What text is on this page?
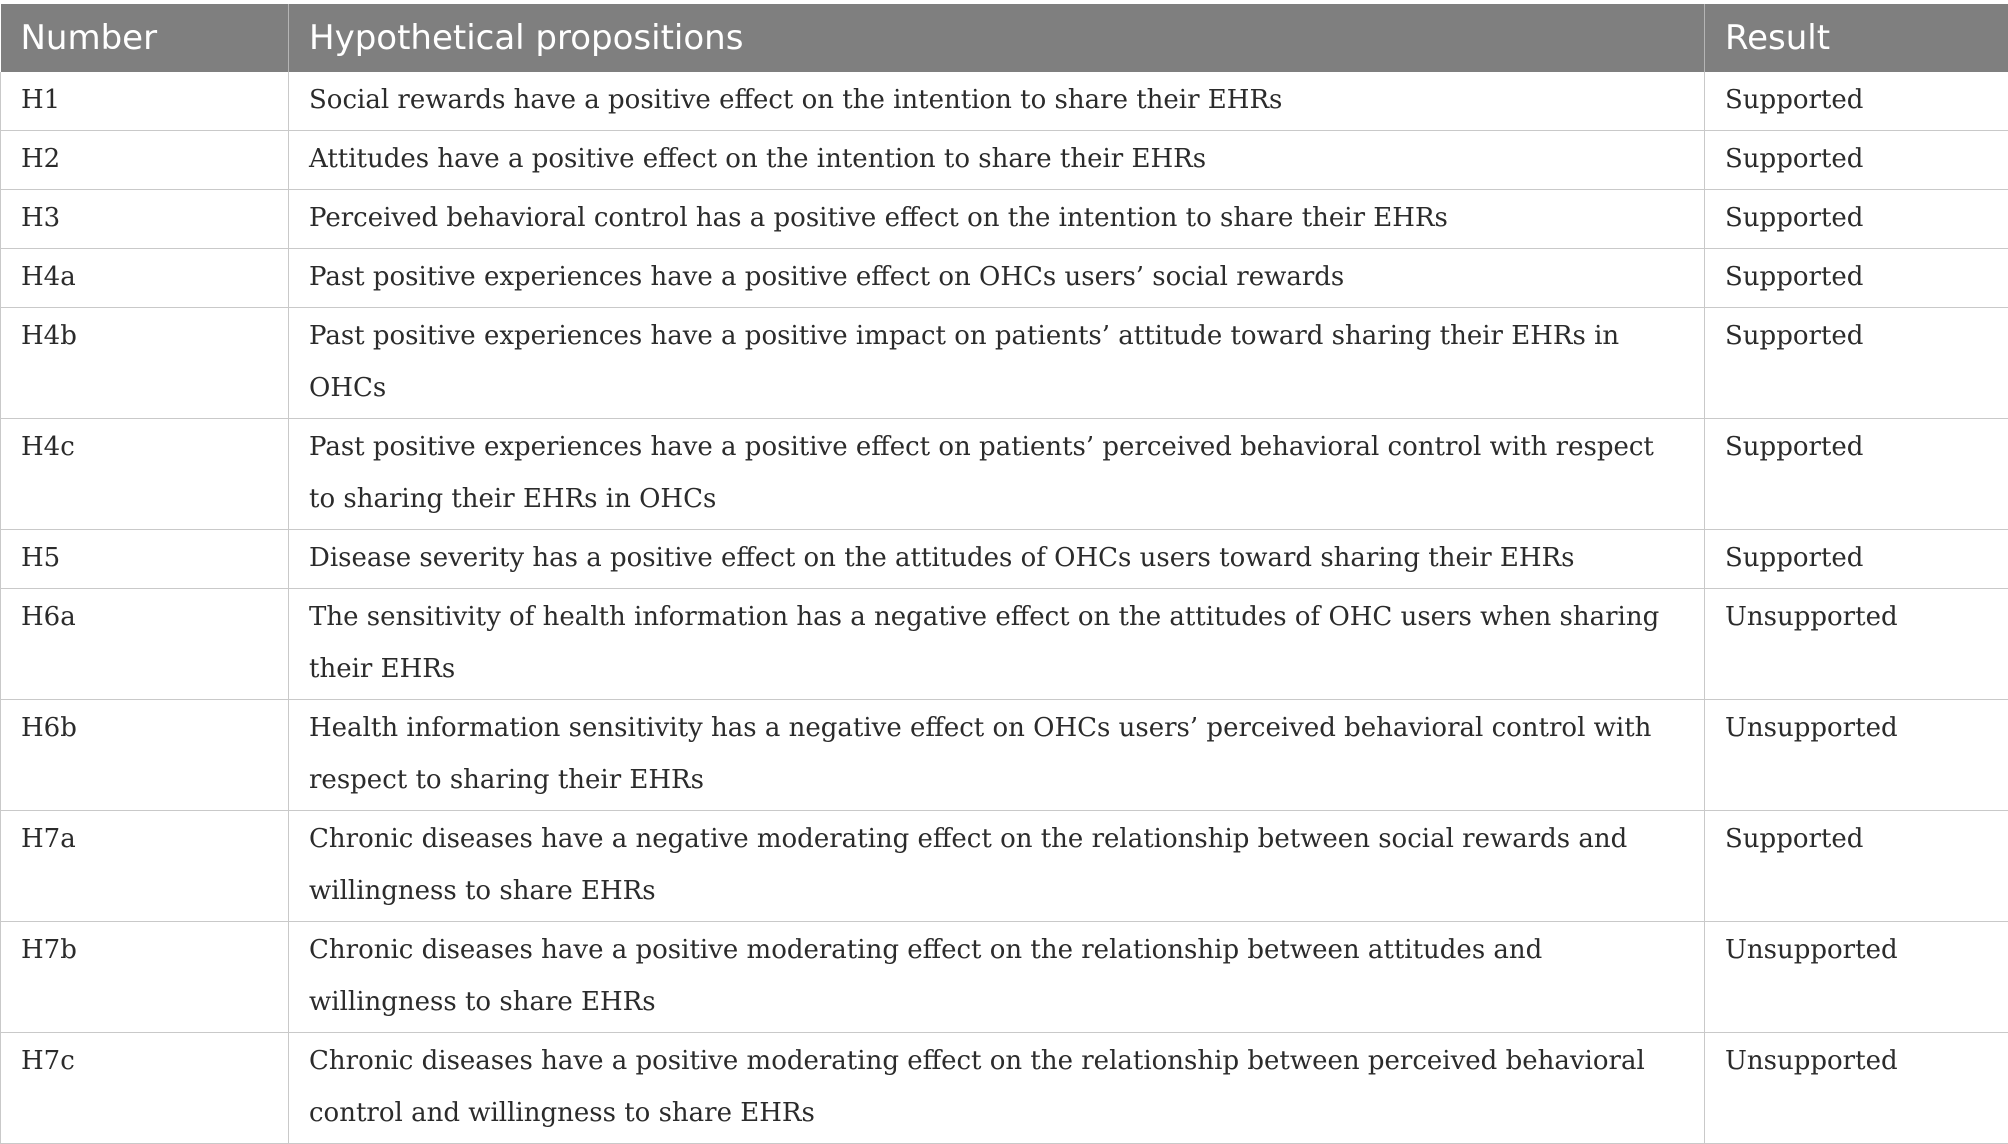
Number	Hypothetical propositions	Result
H1	Social rewards have a positive effect on the intention to share their EHRs	Supported
H2	Attitudes have a positive effect on the intention to share their EHRs	Supported
H3	Perceived behavioral control has a positive effect on the intention to share their EHRs	Supported
H4a	Past positive experiences have a positive effect on OHCs users’ social rewards	Supported
H4b	Past positive experiences have a positive impact on patients’ attitude toward sharing their EHRs in OHCs	Supported
H4c	Past positive experiences have a positive effect on patients’ perceived behavioral control with respect to sharing their EHRs in OHCs	Supported
H5	Disease severity has a positive effect on the attitudes of OHCs users toward sharing their EHRs	Supported
H6a	The sensitivity of health information has a negative effect on the attitudes of OHC users when sharing their EHRs	Unsupported
H6b	Health information sensitivity has a negative effect on OHCs users’ perceived behavioral control with respect to sharing their EHRs	Unsupported
H7a	Chronic diseases have a negative moderating effect on the relationship between social rewards and willingness to share EHRs	Supported
H7b	Chronic diseases have a positive moderating effect on the relationship between attitudes and willingness to share EHRs	Unsupported
H7c	Chronic diseases have a positive moderating effect on the relationship between perceived behavioral control and willingness to share EHRs	Unsupported
